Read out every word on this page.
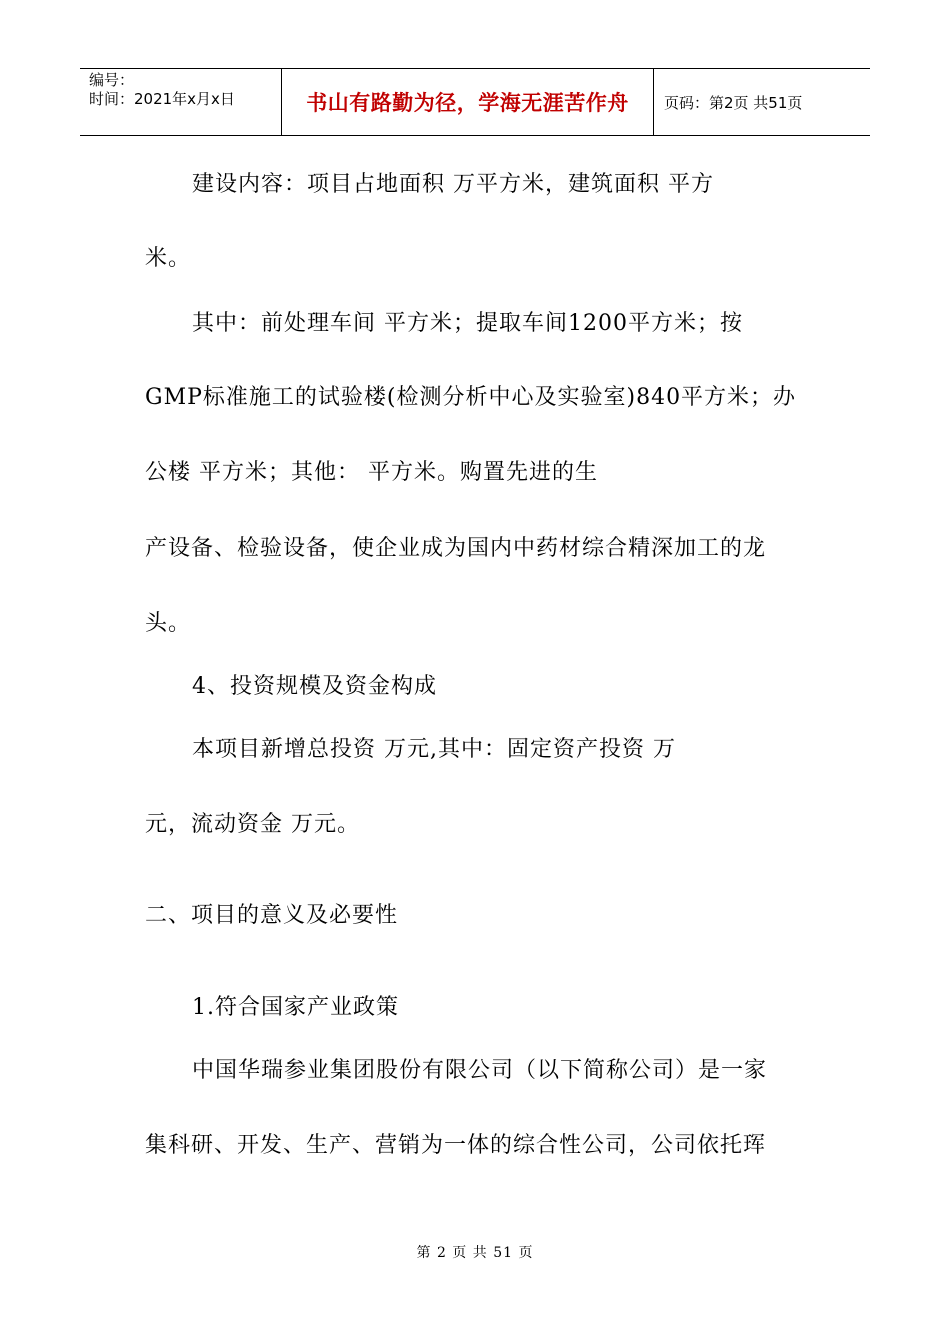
编号：
时间：2021年x月x日	书山有路勤为径，学海无涯苦作舟	页码：第2页 共51页
建设内容：项目占地面积 万平方米，建筑面积 平方
米。
其中：前处理车间 平方米；提取车间1200平方米；按
GMP标准施工的试验楼(检测分析中心及实验室)840平方米；办
公楼 平方米；其他： 平方米。购置先进的生
产设备、检验设备，使企业成为国内中药材综合精深加工的龙
头。
4、投资规模及资金构成
本项目新增总投资 万元,其中：固定资产投资 万
元，流动资金 万元。
二、项目的意义及必要性
1.符合国家产业政策
中国华瑞参业集团股份有限公司（以下简称公司）是一家
集科研、开发、生产、营销为一体的综合性公司，公司依托珲
第 2 页 共 51 页
